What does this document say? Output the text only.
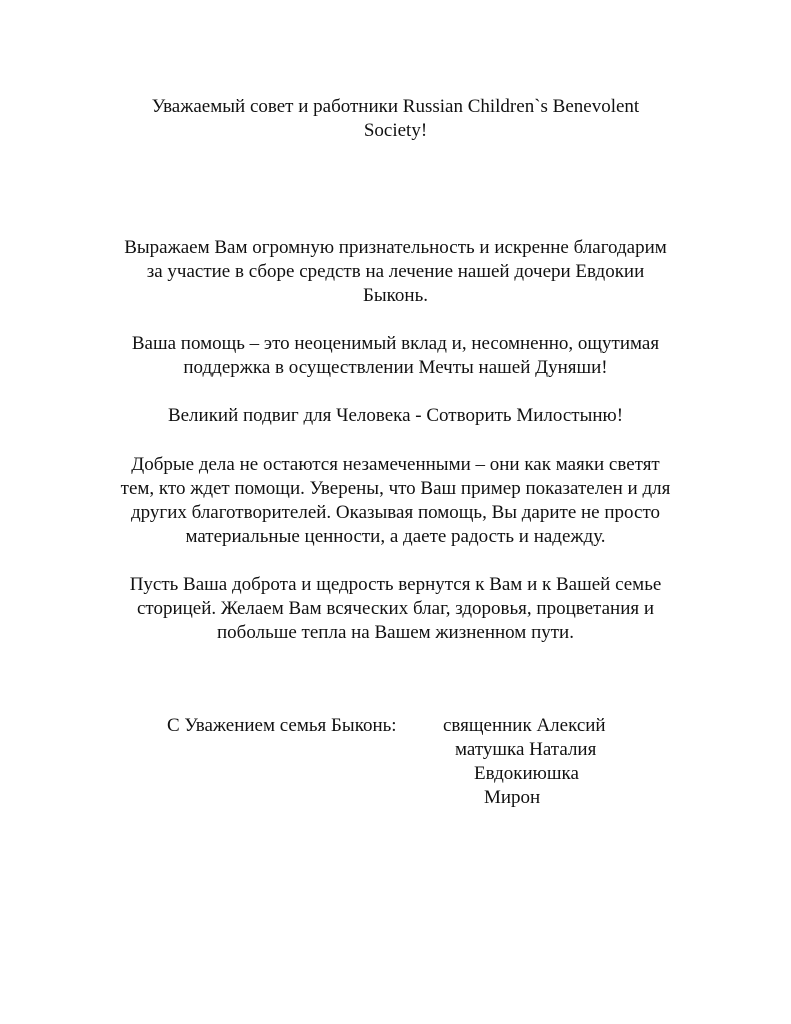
Уважаемый совет и работники Russian Children`s Benevolent
Society!
Выражаем Вам огромную признательность и искренне благодарим
за участие в сборе средств на лечение нашей дочери Евдокии
Быконь.
Ваша помощь – это неоценимый вклад и, несомненно, ощутимая
поддержка в осуществлении Мечты нашей Дуняши!
Великий подвиг для Человека - Сотворить Милостыню!
Добрые дела не остаются незамеченными – они как маяки светят
тем, кто ждет помощи. Уверены, что Ваш пример показателен и для
других благотворителей. Оказывая помощь, Вы дарите не просто
материальные ценности, а даете радость и надежду.
Пусть Ваша доброта и щедрость вернутся к Вам и к Вашей семье
сторицей. Желаем Вам всяческих благ, здоровья, процветания и
побольше тепла на Вашем жизненном пути.
С Уважением семья Быконь: священник Алексий
матушка Наталия
Евдокиюшка
Мирон
